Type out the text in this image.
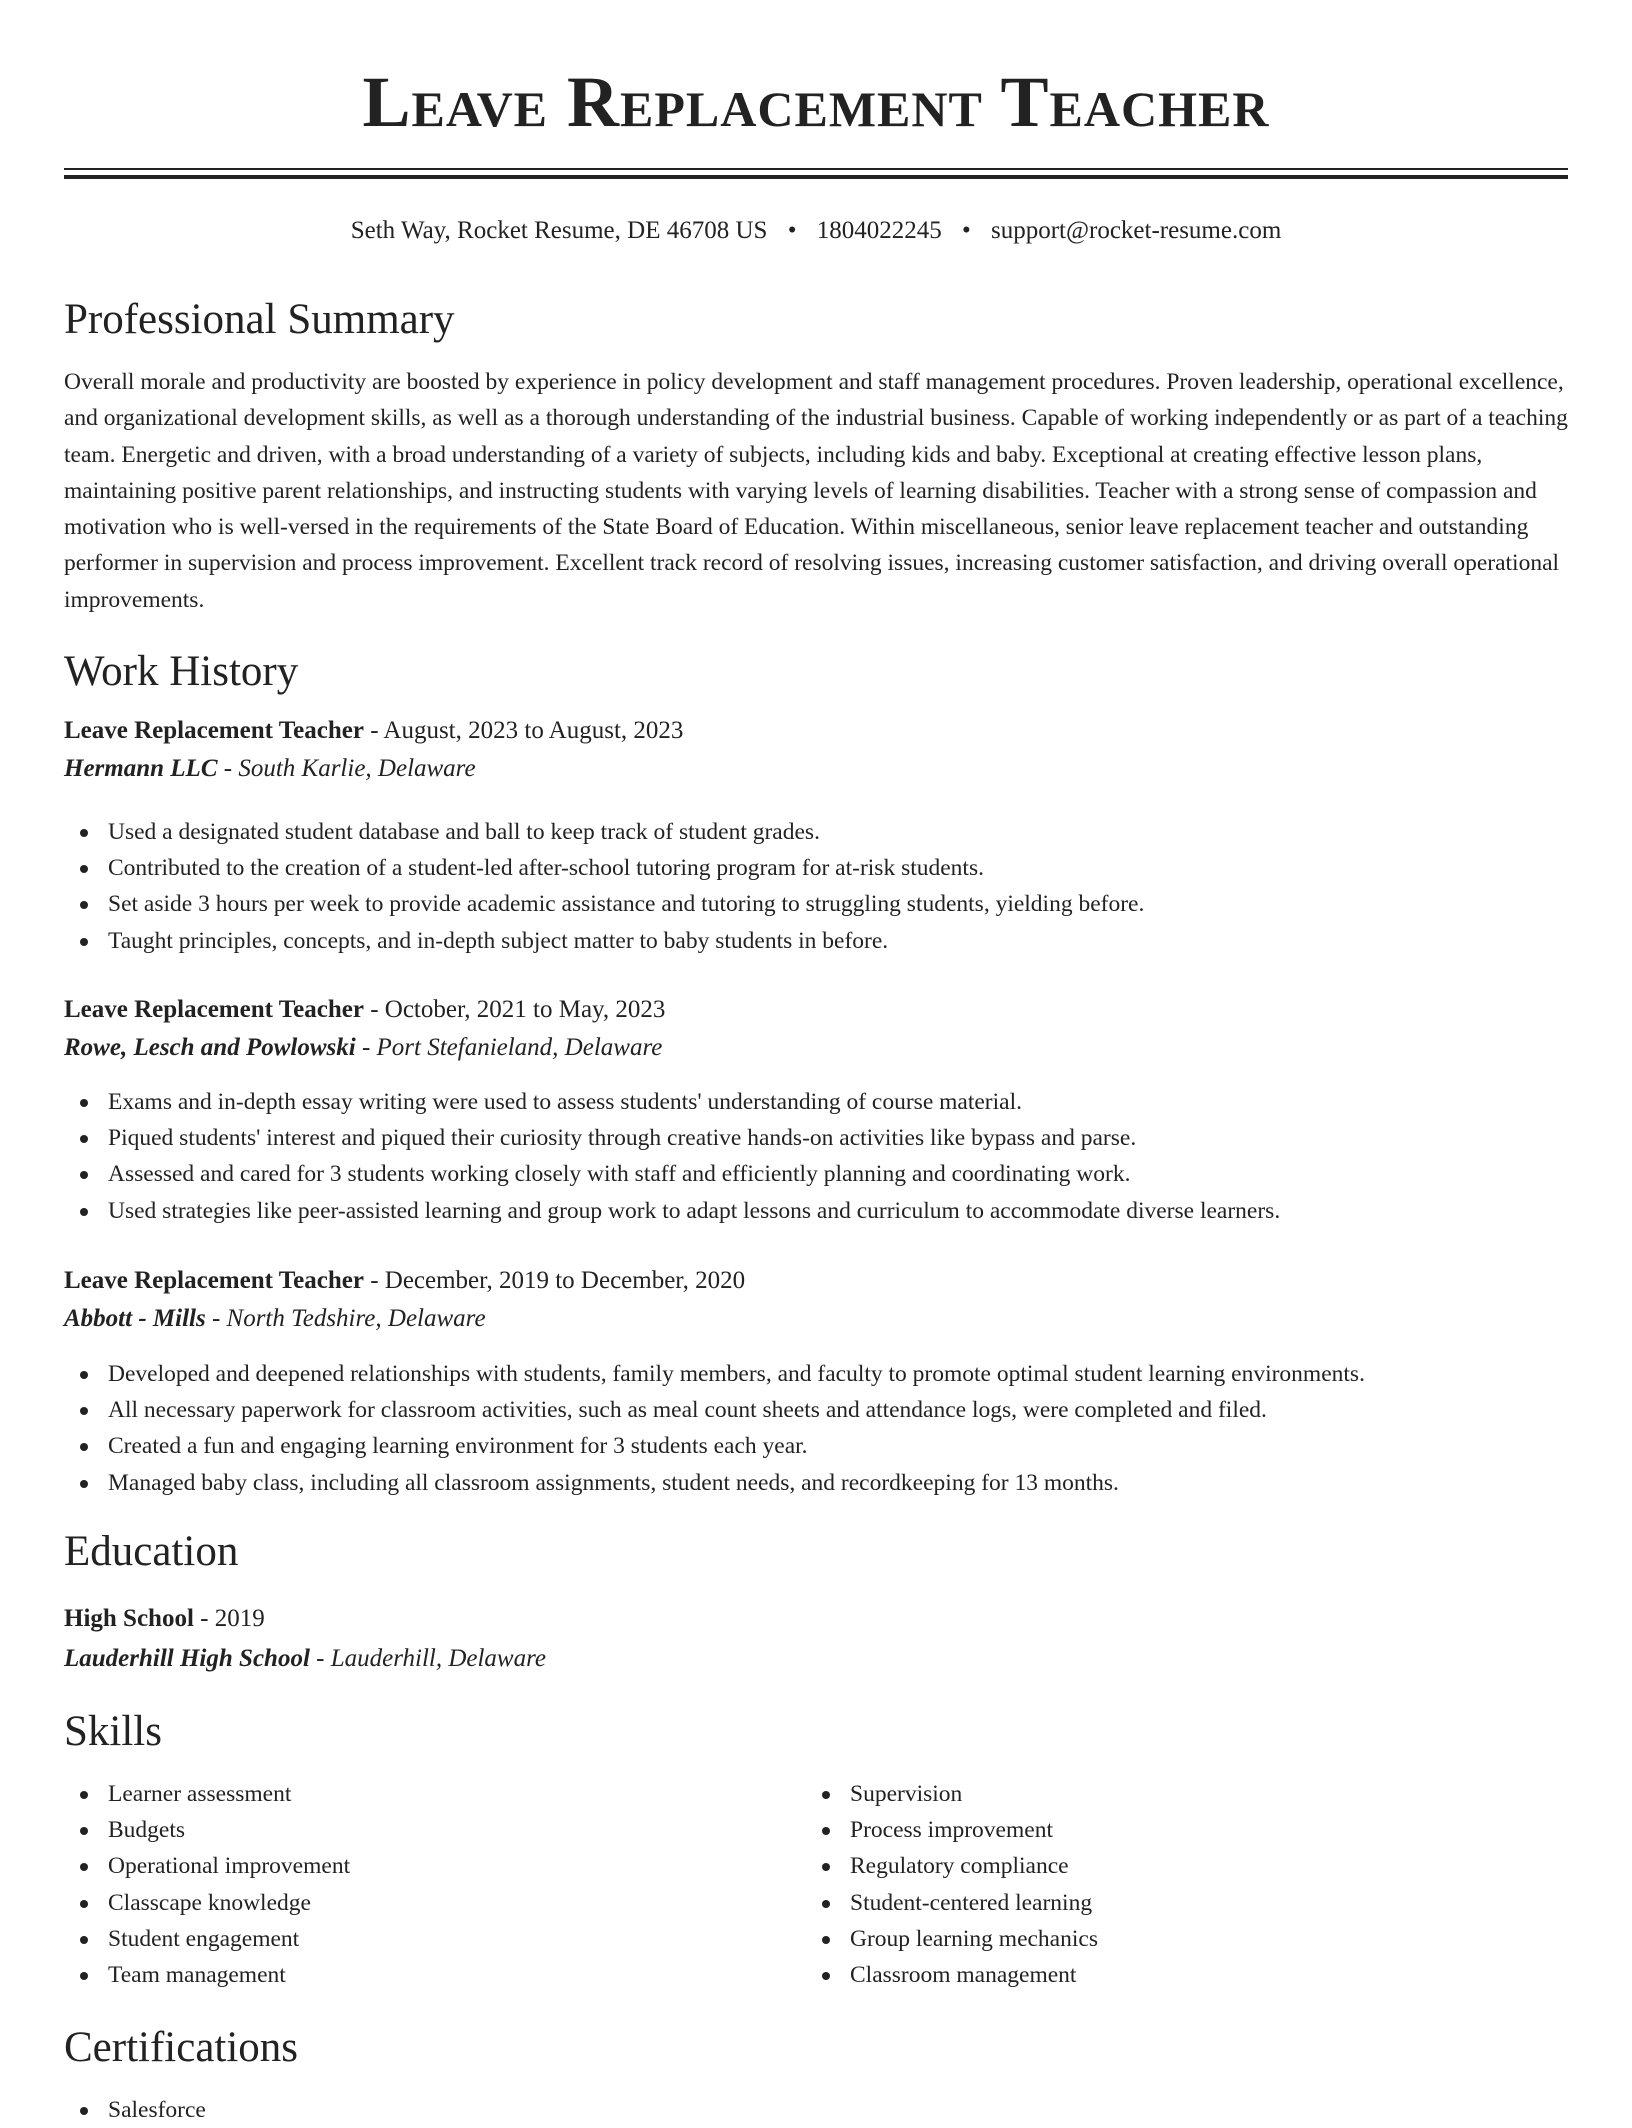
Leave Replacement Teacher
Seth Way, Rocket Resume, DE 46708 US • 1804022245 • support@rocket-resume.com
Professional Summary

Overall morale and productivity are boosted by experience in policy development and staff management procedures. Proven leadership, operational excellence, and organizational development skills, as well as a thorough understanding of the industrial business. Capable of working independently or as part of a teaching team. Energetic and driven, with a broad understanding of a variety of subjects, including kids and baby. Exceptional at creating effective lesson plans, maintaining positive parent relationships, and instructing students with varying levels of learning disabilities. Teacher with a strong sense of compassion and motivation who is well-versed in the requirements of the State Board of Education. Within miscellaneous, senior leave replacement teacher and outstanding performer in supervision and process improvement. Excellent track record of resolving issues, increasing customer satisfaction, and driving overall operational improvements.

Work History
Leave Replacement Teacher - August, 2023 to August, 2023
Hermann LLC - South Karlie, Delaware
Used a designated student database and ball to keep track of student grades.
Contributed to the creation of a student-led after-school tutoring program for at-risk students.
Set aside 3 hours per week to provide academic assistance and tutoring to struggling students, yielding before.
Taught principles, concepts, and in-depth subject matter to baby students in before.
Leave Replacement Teacher - October, 2021 to May, 2023
Rowe, Lesch and Powlowski - Port Stefanieland, Delaware
Exams and in-depth essay writing were used to assess students' understanding of course material.
Piqued students' interest and piqued their curiosity through creative hands-on activities like bypass and parse.
Assessed and cared for 3 students working closely with staff and efficiently planning and coordinating work.
Used strategies like peer-assisted learning and group work to adapt lessons and curriculum to accommodate diverse learners.
Leave Replacement Teacher - December, 2019 to December, 2020
Abbott - Mills - North Tedshire, Delaware
Developed and deepened relationships with students, family members, and faculty to promote optimal student learning environments.
All necessary paperwork for classroom activities, such as meal count sheets and attendance logs, were completed and filed.
Created a fun and engaging learning environment for 3 students each year.
Managed baby class, including all classroom assignments, student needs, and recordkeeping for 13 months.
Education
High School - 2019
Lauderhill High School - Lauderhill, Delaware
Skills
Learner assessment
Budgets
Operational improvement
Classcape knowledge
Student engagement
Team management
Supervision
Process improvement
Regulatory compliance
Student-centered learning
Group learning mechanics
Classroom management
Certifications
Salesforce
